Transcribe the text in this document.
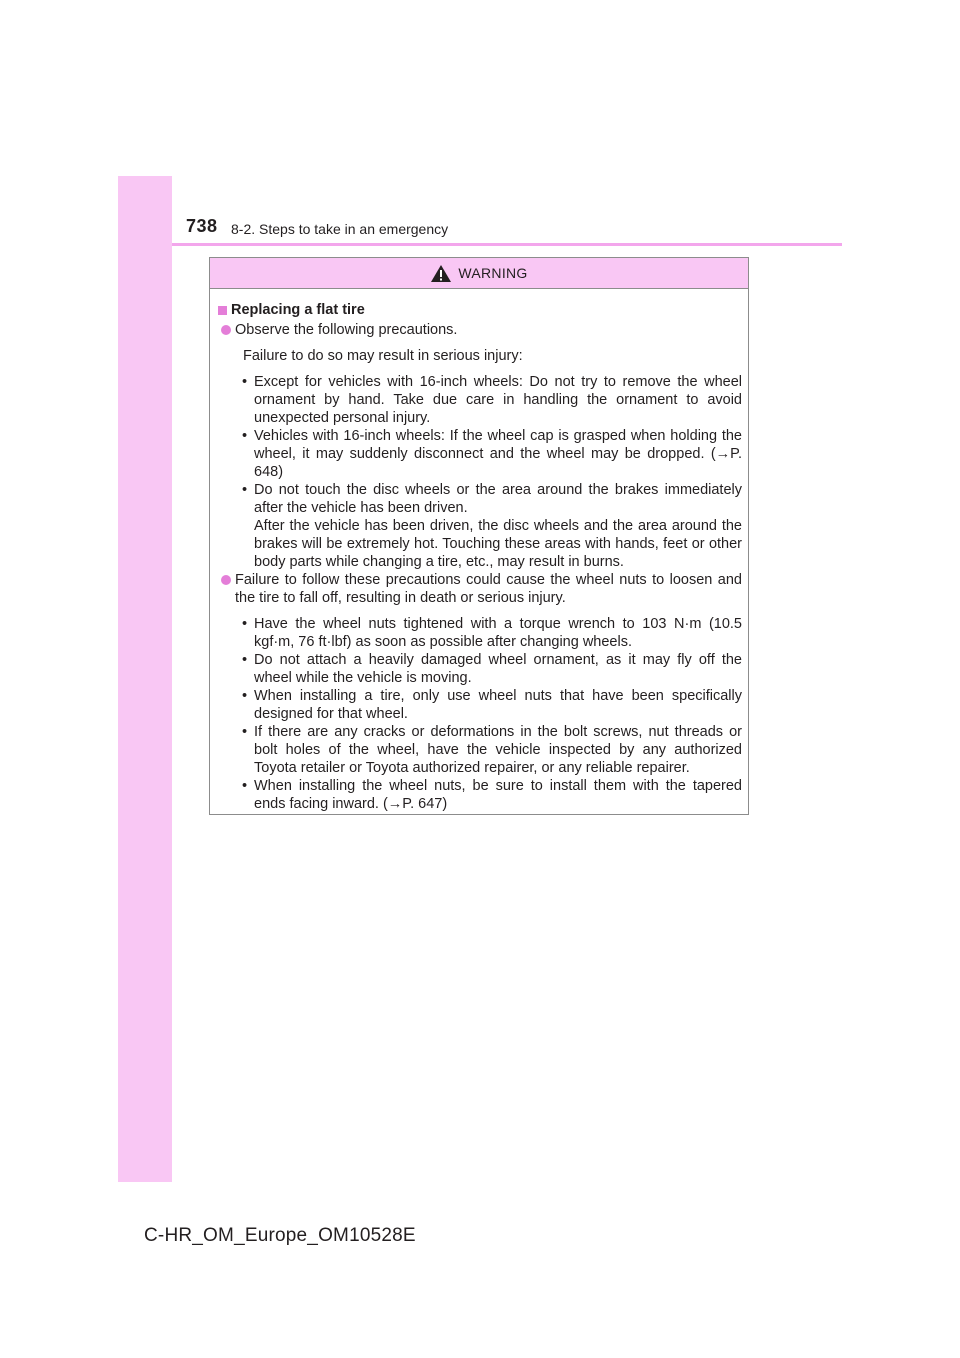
738 8-2. Steps to take in an emergency
WARNING
Replacing a flat tire
Observe the following precautions.
Failure to do so may result in serious injury:
• Except for vehicles with 16-inch wheels: Do not try to remove the wheel ornament by hand. Take due care in handling the ornament to avoid unexpected personal injury.
• Vehicles with 16-inch wheels: If the wheel cap is grasped when holding the wheel, it may suddenly disconnect and the wheel may be dropped. (→P. 648)
• Do not touch the disc wheels or the area around the brakes immediately after the vehicle has been driven.
After the vehicle has been driven, the disc wheels and the area around the brakes will be extremely hot. Touching these areas with hands, feet or other body parts while changing a tire, etc., may result in burns.
Failure to follow these precautions could cause the wheel nuts to loosen and the tire to fall off, resulting in death or serious injury.
• Have the wheel nuts tightened with a torque wrench to 103 N·m (10.5 kgf·m, 76 ft·lbf) as soon as possible after changing wheels.
• Do not attach a heavily damaged wheel ornament, as it may fly off the wheel while the vehicle is moving.
• When installing a tire, only use wheel nuts that have been specifically designed for that wheel.
• If there are any cracks or deformations in the bolt screws, nut threads or bolt holes of the wheel, have the vehicle inspected by any authorized Toyota retailer or Toyota authorized repairer, or any reliable repairer.
• When installing the wheel nuts, be sure to install them with the tapered ends facing inward. (→P. 647)
C-HR_OM_Europe_OM10528E
